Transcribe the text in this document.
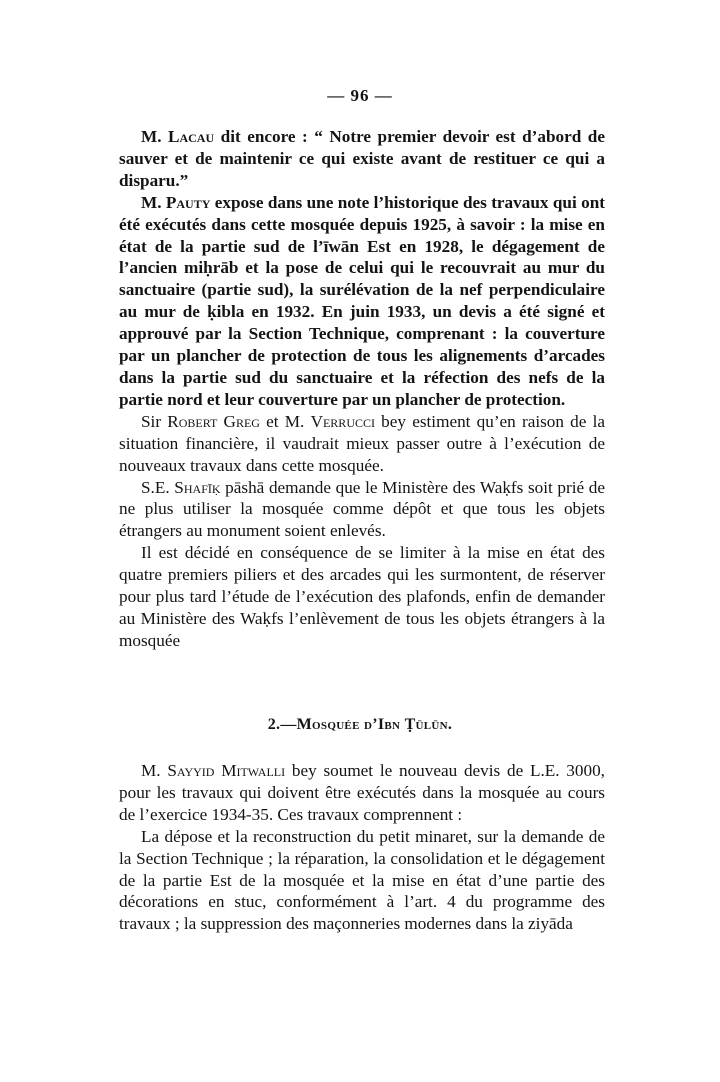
— 96 —

M. Lacau dit encore : “ Notre premier devoir est d’abord de sauver et de maintenir ce qui existe avant de restituer ce qui a disparu.”

M. Pauty expose dans une note l’historique des travaux qui ont été exécutés dans cette mosquée depuis 1925, à savoir : la mise en état de la partie sud de l’īwān Est en 1928, le dégagement de l’ancien miḥrāb et la pose de celui qui le recouvrait au mur du sanctuaire (partie sud), la surélévation de la nef perpendiculaire au mur de ḳibla en 1932. En juin 1933, un devis a été signé et approuvé par la Section Technique, comprenant : la couverture par un plancher de protection de tous les alignements d’arcades dans la partie sud du sanctuaire et la réfection des nefs de la partie nord et leur couverture par un plancher de protection.

Sir Robert Greg et M. Verrucci bey estiment qu’en raison de la situation financière, il vaudrait mieux passer outre à l’exécution de nouveaux travaux dans cette mosquée.

S.E. Shafīḳ pāshā demande que le Ministère des Waḳfs soit prié de ne plus utiliser la mosquée comme dépôt et que tous les objets étrangers au monument soient enlevés.

Il est décidé en conséquence de se limiter à la mise en état des quatre premiers piliers et des arcades qui les surmontent, de réserver pour plus tard l’étude de l’exécution des plafonds, enfin de demander au Ministère des Waḳfs l’enlèvement de tous les objets étrangers à la mosquée

2.—Mosquée d’Ibn Ṭūlūn.

M. Sayyid Mitwalli bey soumet le nouveau devis de L.E. 3000, pour les travaux qui doivent être exécutés dans la mosquée au cours de l’exercice 1934-35. Ces travaux comprennent :

La dépose et la reconstruction du petit minaret, sur la demande de la Section Technique ; la réparation, la consolidation et le dégagement de la partie Est de la mosquée et la mise en état d’une partie des décorations en stuc, conformément à l’art. 4 du programme des travaux ; la suppression des maçonneries modernes dans la ziyāda
